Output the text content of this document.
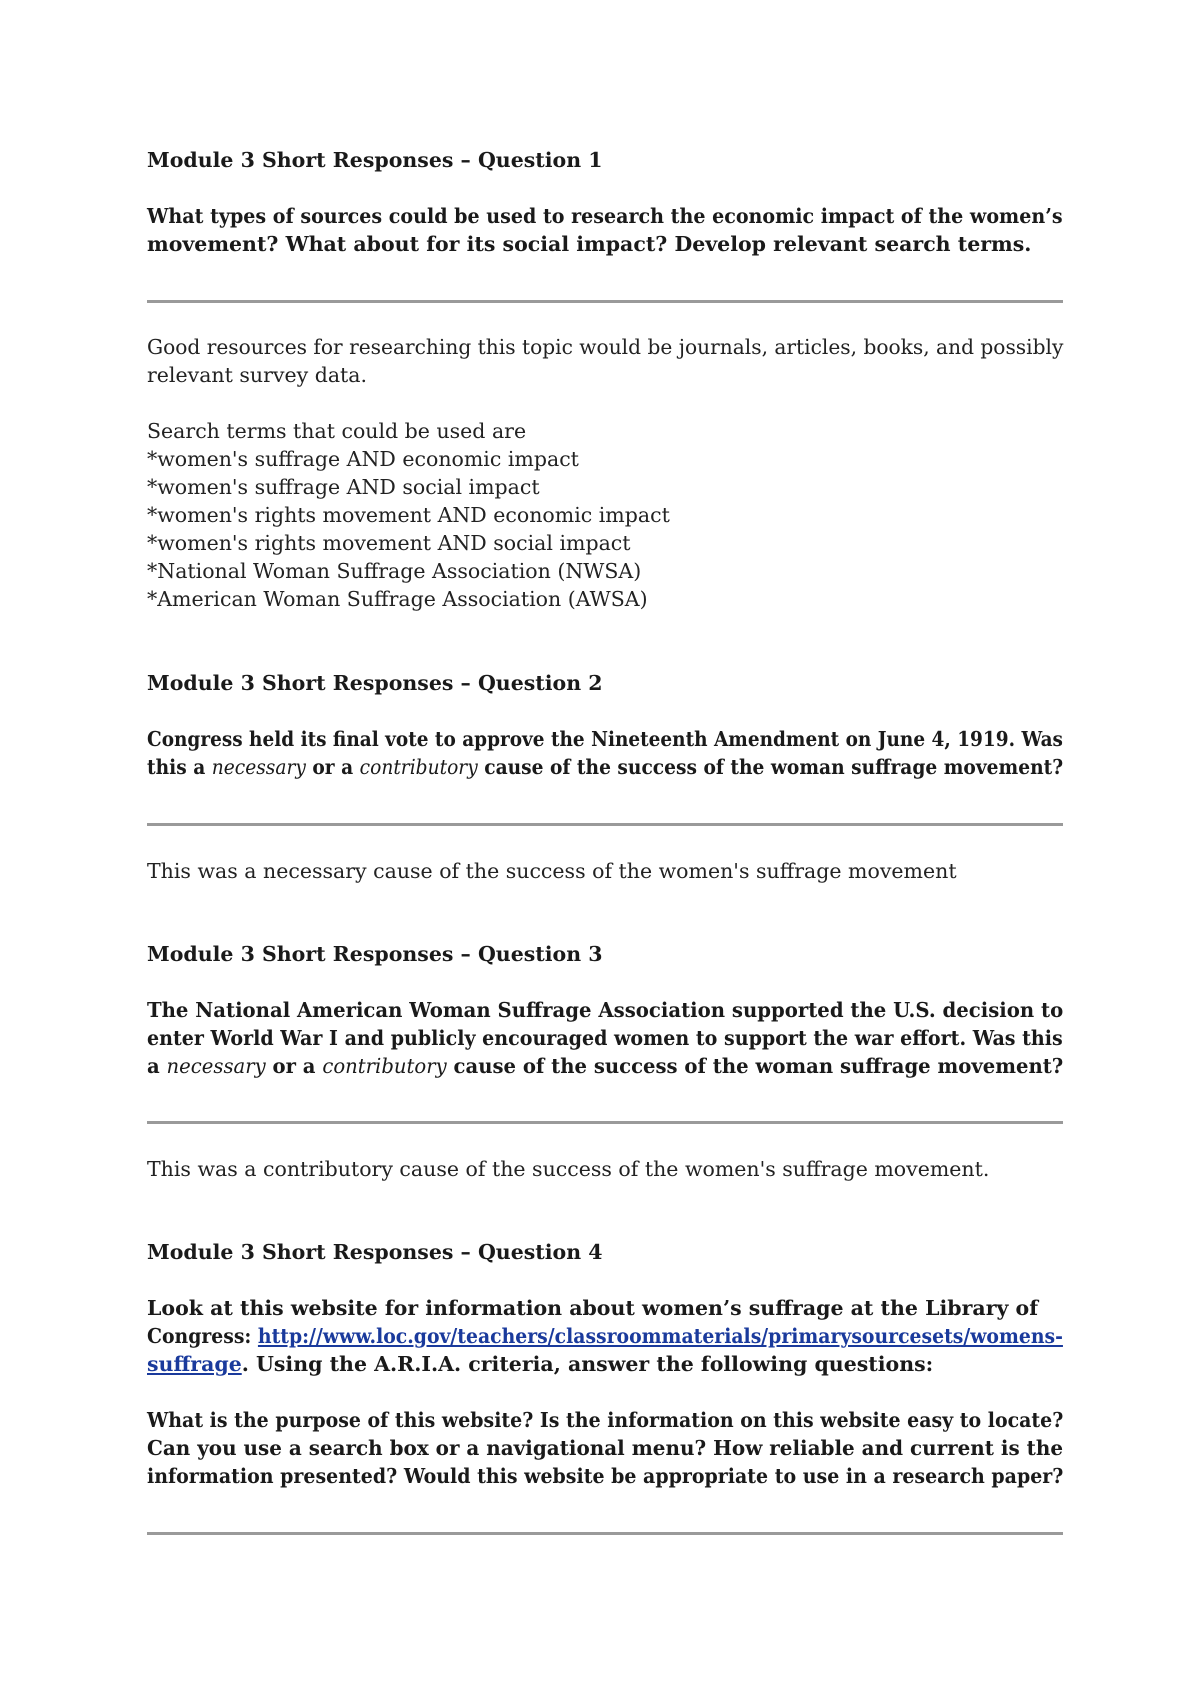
Module 3 Short Responses – Question 1

What types of sources could be used to research the economic impact of the women’s
movement? What about for its social impact? Develop relevant search terms.

Good resources for researching this topic would be journals, articles, books, and possibly
relevant survey data.

Search terms that could be used are
*women's suffrage AND economic impact
*women's suffrage AND social impact
*women's rights movement AND economic impact
*women's rights movement AND social impact
*National Woman Suffrage Association (NWSA)
*American Woman Suffrage Association (AWSA)

Module 3 Short Responses – Question 2

Congress held its final vote to approve the Nineteenth Amendment on June 4, 1919. Was
this a necessary or a contributory cause of the success of the woman suffrage movement?

This was a necessary cause of the success of the women's suffrage movement

Module 3 Short Responses – Question 3

The National American Woman Suffrage Association supported the U.S. decision to
enter World War I and publicly encouraged women to support the war effort. Was this
a necessary or a contributory cause of the success of the woman suffrage movement?

This was a contributory cause of the success of the women's suffrage movement.

Module 3 Short Responses – Question 4

Look at this website for information about women’s suffrage at the Library of
Congress: http://www.loc.gov/teachers/classroommaterials/primarysourcesets/womens-
suffrage. Using the A.R.I.A. criteria, answer the following questions:

What is the purpose of this website? Is the information on this website easy to locate?
Can you use a search box or a navigational menu? How reliable and current is the
information presented? Would this website be appropriate to use in a research paper?
